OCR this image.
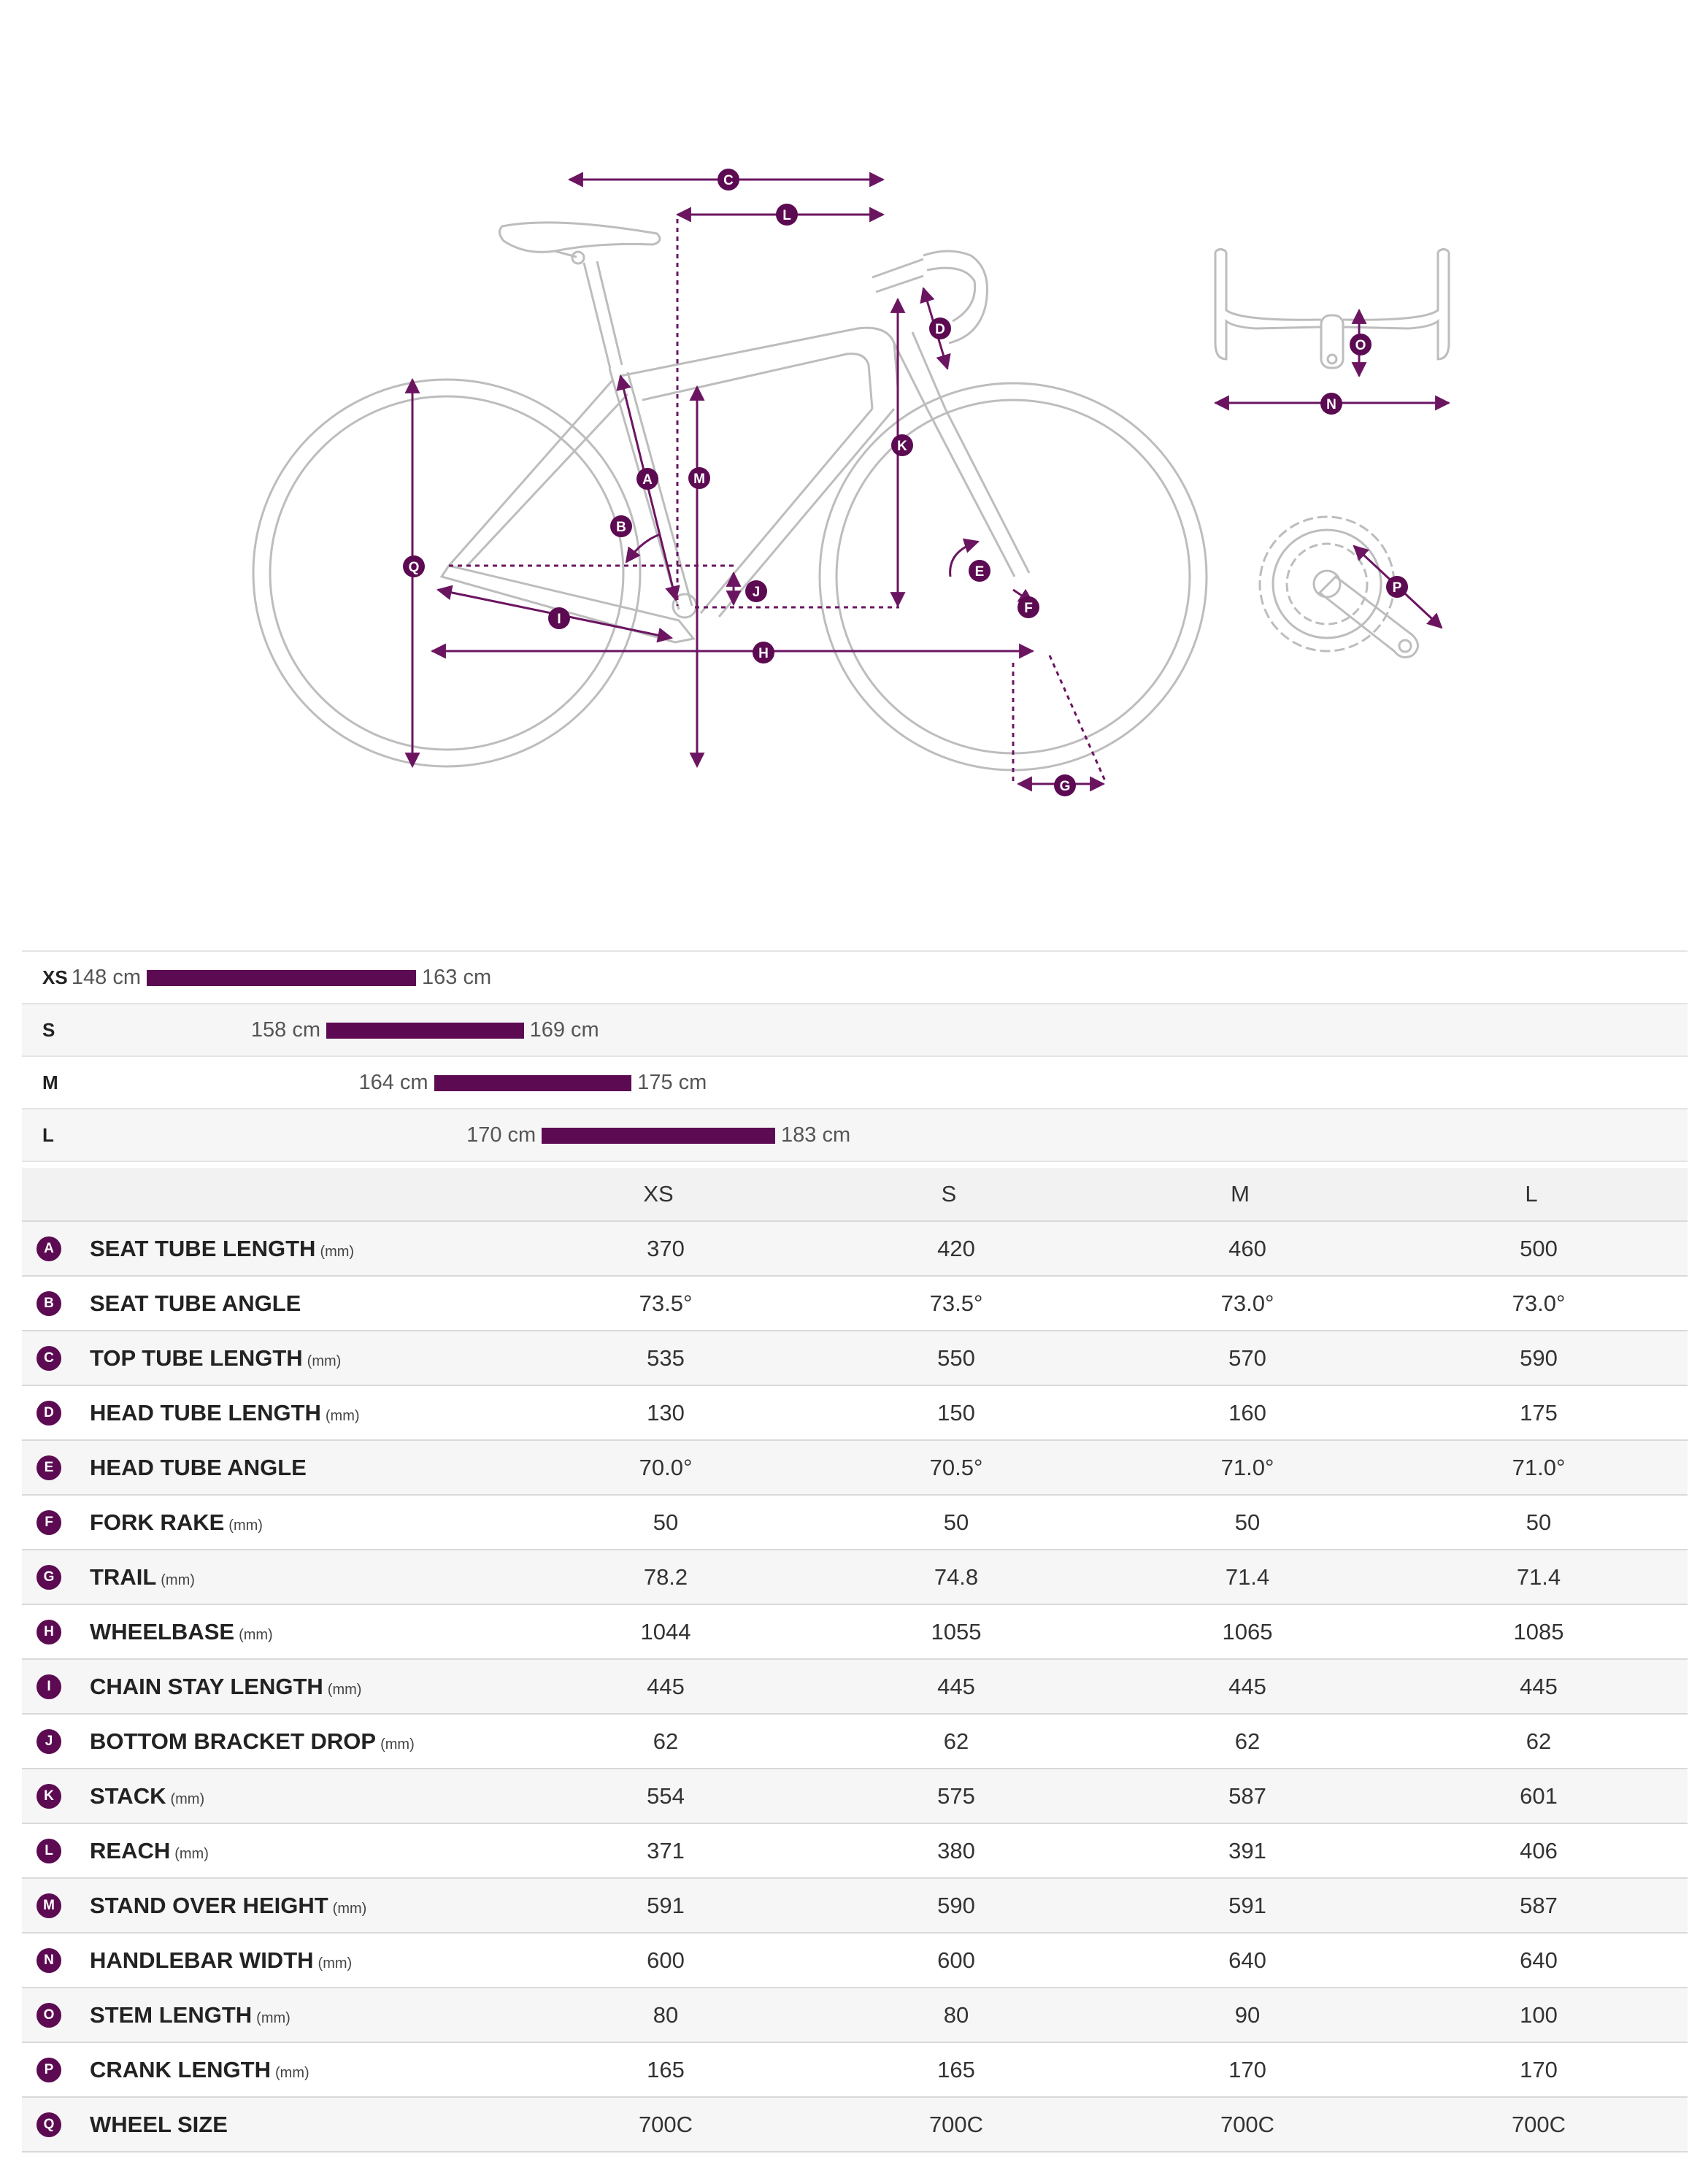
C
L
D
K
A	M
B
Q
J
E
F
I
H
G
O
N
P
XS 148 cm	163 cm
S	158 cm	169 cm
M	164 cm	175 cm
L	170 cm	183 cm
XS	S	M	L
A	SEAT TUBE LENGTH (mm)	370	420	460	500
B	SEAT TUBE ANGLE	73.5°	73.5°	73.0°	73.0°
C	TOP TUBE LENGTH (mm)	535	550	570	590
D	HEAD TUBE LENGTH (mm)	130	150	160	175
E	HEAD TUBE ANGLE	70.0°	70.5°	71.0°	71.0°
F	FORK RAKE (mm)	50	50	50	50
G	TRAIL (mm)	78.2	74.8	71.4	71.4
H	WHEELBASE (mm)	1044	1055	1065	1085
I	CHAIN STAY LENGTH (mm)	445	445	445	445
J	BOTTOM BRACKET DROP (mm)	62	62	62	62
K	STACK (mm)	554	575	587	601
L	REACH (mm)	371	380	391	406
M STAND OVER HEIGHT (mm)	591	590	591	587
N	HANDLEBAR WIDTH (mm)	600	600	640	640
O	STEM LENGTH (mm)	80	80	90	100
P	CRANK LENGTH (mm)	165	165	170	170
Q	WHEEL SIZE	700C	700C	700C	700C
